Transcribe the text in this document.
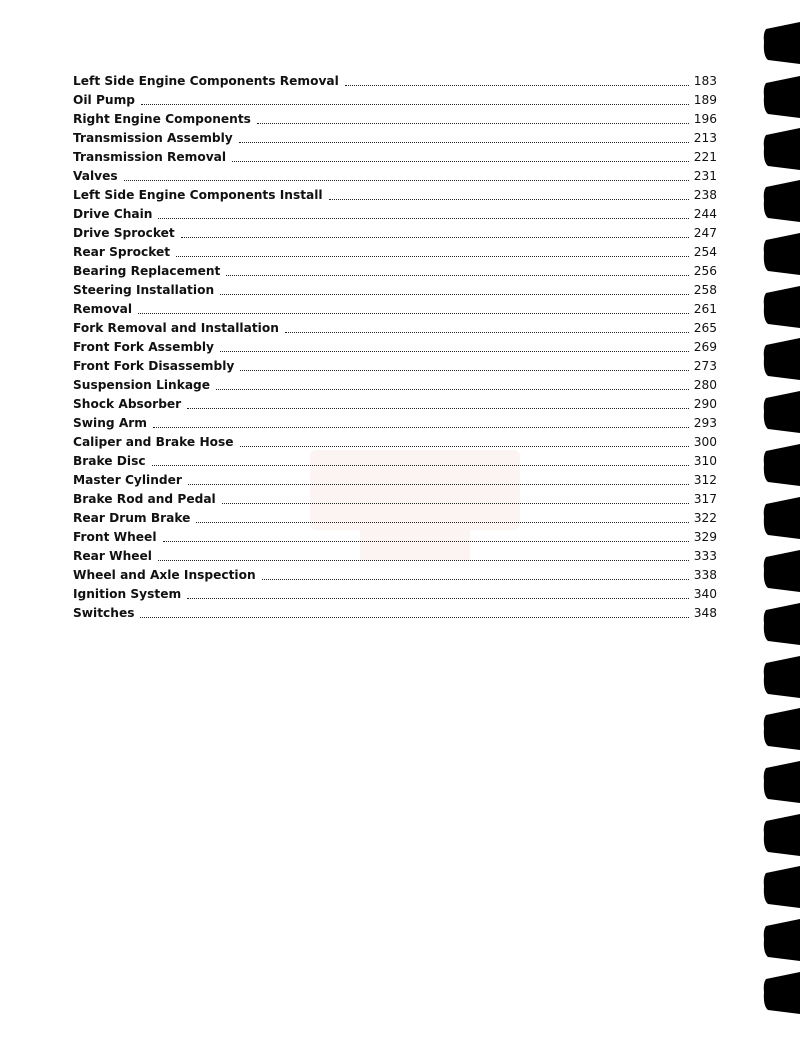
Left Side Engine Components Removal	183
Oil Pump	189
Right Engine Components	196
Transmission Assembly	213
Transmission Removal	221
Valves	231
Left Side Engine Components Install	238
Drive Chain	244
Drive Sprocket	247
Rear Sprocket	254
Bearing Replacement	256
Steering Installation	258
Removal	261
Fork Removal and Installation	265
Front Fork Assembly	269
Front Fork Disassembly	273
Suspension Linkage	280
Shock Absorber	290
Swing Arm	293
Caliper and Brake Hose	300
Brake Disc	310
Master Cylinder	312
Brake Rod and Pedal	317
Rear Drum Brake	322
Front Wheel	329
Rear Wheel	333
Wheel and Axle Inspection	338
Ignition System	340
Switches	348
